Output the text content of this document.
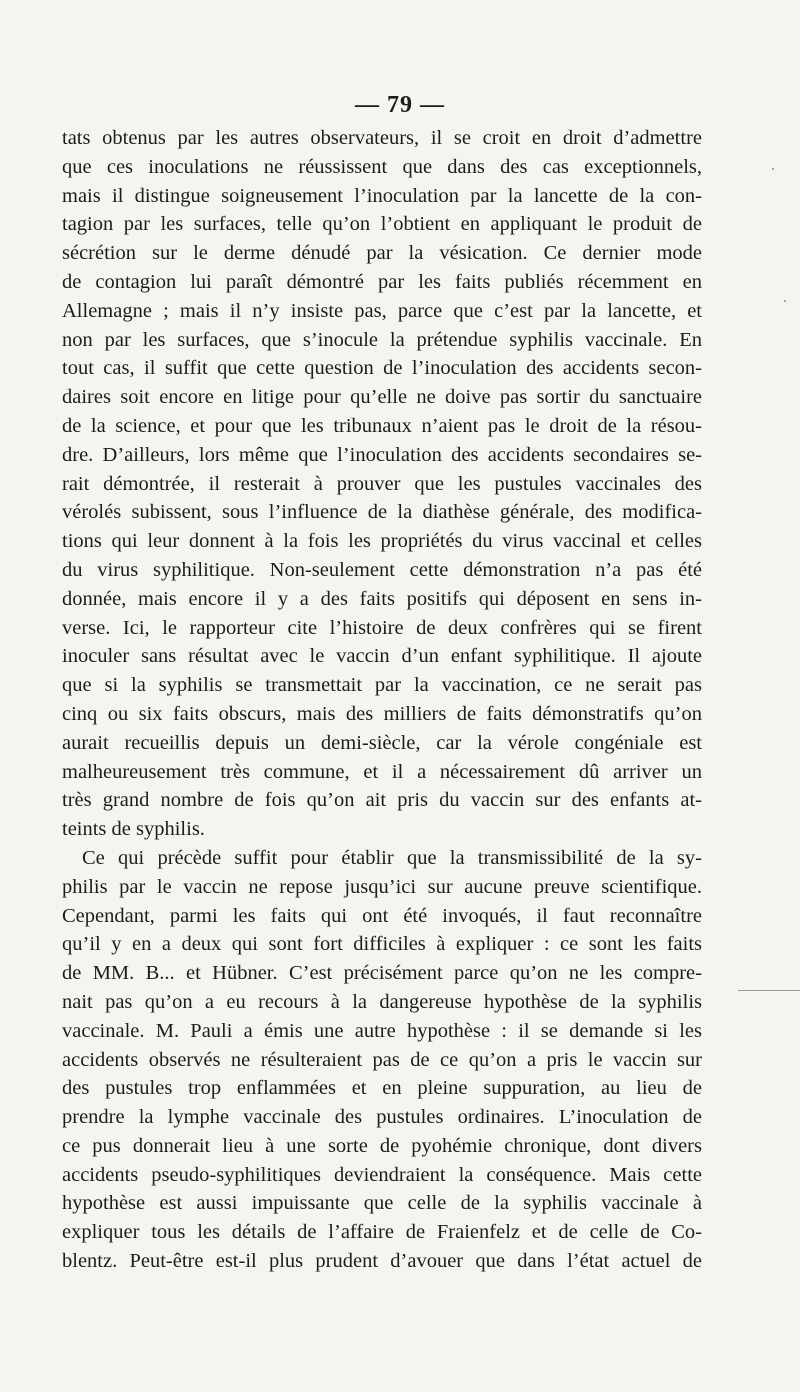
— 79 —
tats obtenus par les autres observateurs, il se croit en droit d’admettre
que ces inoculations ne réussissent que dans des cas exceptionnels,
mais il distingue soigneusement l’inoculation par la lancette de la con-
tagion par les surfaces, telle qu’on l’obtient en appliquant le produit de
sécrétion sur le derme dénudé par la vésication. Ce dernier mode
de contagion lui paraît démontré par les faits publiés récemment en
Allemagne ; mais il n’y insiste pas, parce que c’est par la lancette, et
non par les surfaces, que s’inocule la prétendue syphilis vaccinale. En
tout cas, il suffit que cette question de l’inoculation des accidents secon-
daires soit encore en litige pour qu’elle ne doive pas sortir du sanctuaire
de la science, et pour que les tribunaux n’aient pas le droit de la résou-
dre. D’ailleurs, lors même que l’inoculation des accidents secondaires se-
rait démontrée, il resterait à prouver que les pustules vaccinales des
vérolés subissent, sous l’influence de la diathèse générale, des modifica-
tions qui leur donnent à la fois les propriétés du virus vaccinal et celles
du virus syphilitique. Non-seulement cette démonstration n’a pas été
donnée, mais encore il y a des faits positifs qui déposent en sens in-
verse. Ici, le rapporteur cite l’histoire de deux confrères qui se firent
inoculer sans résultat avec le vaccin d’un enfant syphilitique. Il ajoute
que si la syphilis se transmettait par la vaccination, ce ne serait pas
cinq ou six faits obscurs, mais des milliers de faits démonstratifs qu’on
aurait recueillis depuis un demi-siècle, car la vérole congéniale est
malheureusement très commune, et il a nécessairement dû arriver un
très grand nombre de fois qu’on ait pris du vaccin sur des enfants at-
teints de syphilis.
Ce qui précède suffit pour établir que la transmissibilité de la sy-
philis par le vaccin ne repose jusqu’ici sur aucune preuve scientifique.
Cependant, parmi les faits qui ont été invoqués, il faut reconnaître
qu’il y en a deux qui sont fort difficiles à expliquer : ce sont les faits
de MM. B... et Hübner. C’est précisément parce qu’on ne les compre-
nait pas qu’on a eu recours à la dangereuse hypothèse de la syphilis
vaccinale. M. Pauli a émis une autre hypothèse : il se demande si les
accidents observés ne résulteraient pas de ce qu’on a pris le vaccin sur
des pustules trop enflammées et en pleine suppuration, au lieu de
prendre la lymphe vaccinale des pustules ordinaires. L’inoculation de
ce pus donnerait lieu à une sorte de pyohémie chronique, dont divers
accidents pseudo-syphilitiques deviendraient la conséquence. Mais cette
hypothèse est aussi impuissante que celle de la syphilis vaccinale à
expliquer tous les détails de l’affaire de Fraienfelz et de celle de Co-
blentz. Peut-être est-il plus prudent d’avouer que dans l’état actuel de
